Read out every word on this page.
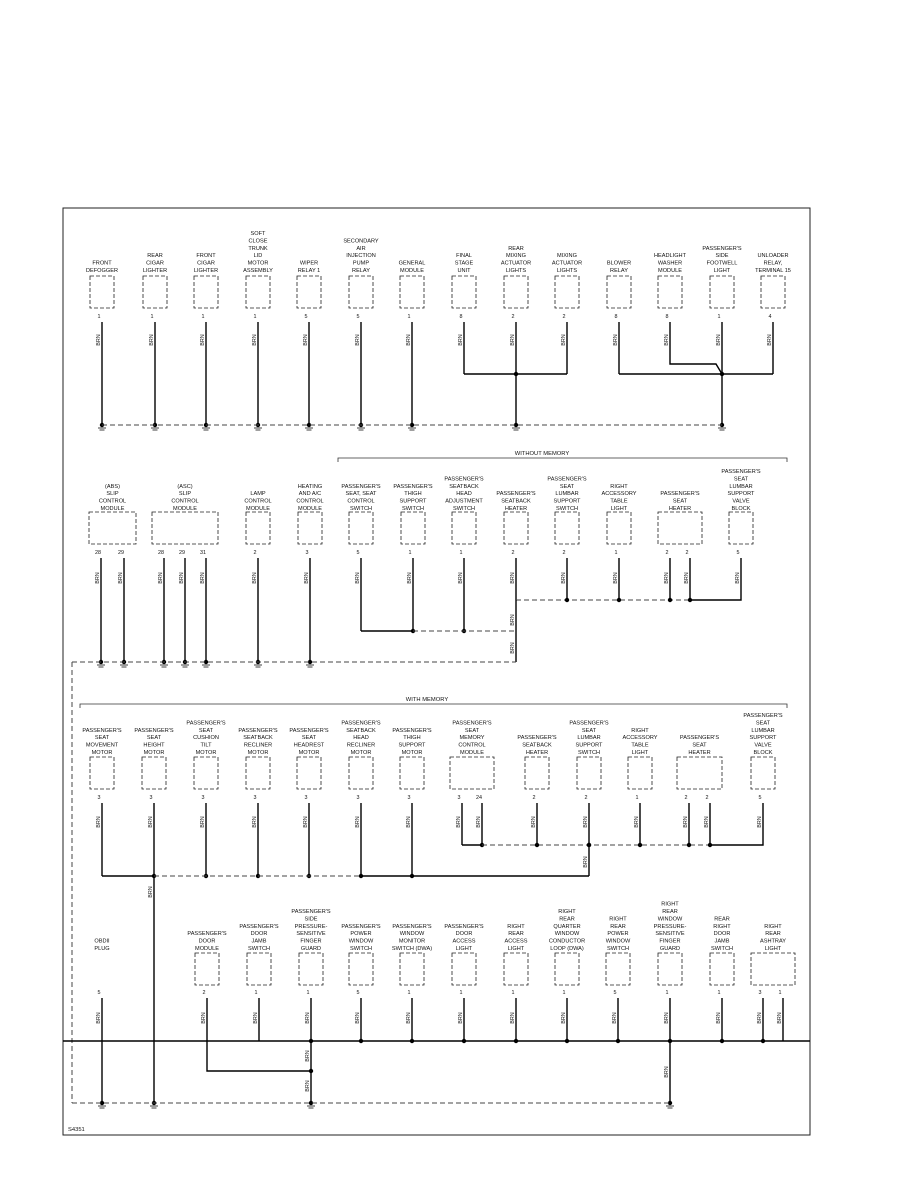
FRONT
DEFOGGER
REAR
CIGAR
LIGHTER
FRONT
CIGAR
LIGHTER
SOFT
CLOSE
TRUNK
LID
MOTOR
ASSEMBLY
WIPER
RELAY 1
SECONDARY
AIR
INJECTION
PUMP
RELAY
GENERAL
MODULE
FINAL
STAGE
UNIT
REAR
MIXING
ACTUATOR
LIGHTS
MIXING
ACTUATOR
LIGHTS
BLOWER
RELAY
HEADLIGHT
WASHER
MODULE
PASSENGER'S
SIDE
FOOTWELL
LIGHT
UNLOADER
RELAY,
TERMINAL 15
(ABS)
SLIP
CONTROL
MODULE
(ASC)
SLIP
CONTROL
MODULE
LAMP
CONTROL
MODULE
HEATING
AND A/C
CONTROL
MODULE
PASSENGER'S
SEAT, SEAT
CONTROL
SWITCH
PASSENGER'S
THIGH
SUPPORT
SWITCH
PASSENGER'S
SEATBACK
HEAD
ADJUSTMENT
SWITCH
PASSENGER'S
SEATBACK
HEATER
PASSENGER'S
SEAT
LUMBAR
SUPPORT
SWITCH
RIGHT
ACCESSORY
TABLE
LIGHT
PASSENGER'S
SEAT
HEATER
PASSENGER'S
SEAT
LUMBAR
SUPPORT
VALVE
BLOCK
PASSENGER'S
SEAT
MOVEMENT
MOTOR
PASSENGER'S
SEAT
HEIGHT
MOTOR
PASSENGER'S
SEAT
CUSHION
TILT
MOTOR
PASSENGER'S
SEATBACK
RECLINER
MOTOR
PASSENGER'S
SEAT
HEADREST
MOTOR
PASSENGER'S
SEATBACK
HEAD
RECLINER
MOTOR
PASSENGER'S
THIGH
SUPPORT
MOTOR
PASSENGER'S
SEAT
MEMORY
CONTROL
MODULE
PASSENGER'S
SEATBACK
HEATER
PASSENGER'S
SEAT
LUMBAR
SUPPORT
SWITCH
RIGHT
ACCESSORY
TABLE
LIGHT
PASSENGER'S
SEAT
HEATER
PASSENGER'S
SEAT
LUMBAR
SUPPORT
VALVE
BLOCK
OBDII
PLUG
PASSENGER'S
DOOR
MODULE
PASSENGER'S
DOOR
JAMB
SWITCH
PASSENGER'S
SIDE
PRESSURE-
SENSITIVE
FINGER
GUARD
PASSENGER'S
POWER
WINDOW
SWITCH
PASSENGER'S
WINDOW
MONITOR
SWITCH (DWA)
PASSENGER'S
DOOR
ACCESS
LIGHT
RIGHT
REAR
ACCESS
LIGHT
RIGHT
REAR
QUARTER
WINDOW
CONDUCTOR
LOOP (DWA)
RIGHT
REAR
POWER
WINDOW
SWITCH
RIGHT
REAR
WINDOW
PRESSURE-
SENSITIVE
FINGER
GUARD
REAR
RIGHT
DOOR
JAMB
SWITCH
RIGHT
REAR
ASHTRAY
LIGHT
1	1	1	1	5	5	1	8	2	2	8	8	1	4
28	29	28	29	31	2	3	5	1	1	2	2	1	2	2	5
3	3	3	3	3	3	3	3	24	2	2	1	2	2	5
5	2	1	1	5	1	1	1	1	5	1	1	3	1
BRN	BRN	BRN	BRN	BRN	BRN	BRN	BRN	BRN	BRN	BRN	BRN	BRN	BRN
BRN	BRN	BRN	BRN	BRN	BRN	BRN	BRN	BRN	BRN	BRN	BRN	BRN	BRN	BRN	BRN
BRN	BRN	BRN	BRN	BRN	BRN	BRN	BRN	BRN	BRN	BRN	BRN	BRN	BRN	BRN
BRN	BRN	BRN	BRN	BRN	BRN	BRN	BRN	BRN	BRN	BRN	BRN	BRN	BRN
BRN
BRN
BRN
BRN
BRN
BRN
BRN
WITHOUT MEMORY
WITH MEMORY
S4351
